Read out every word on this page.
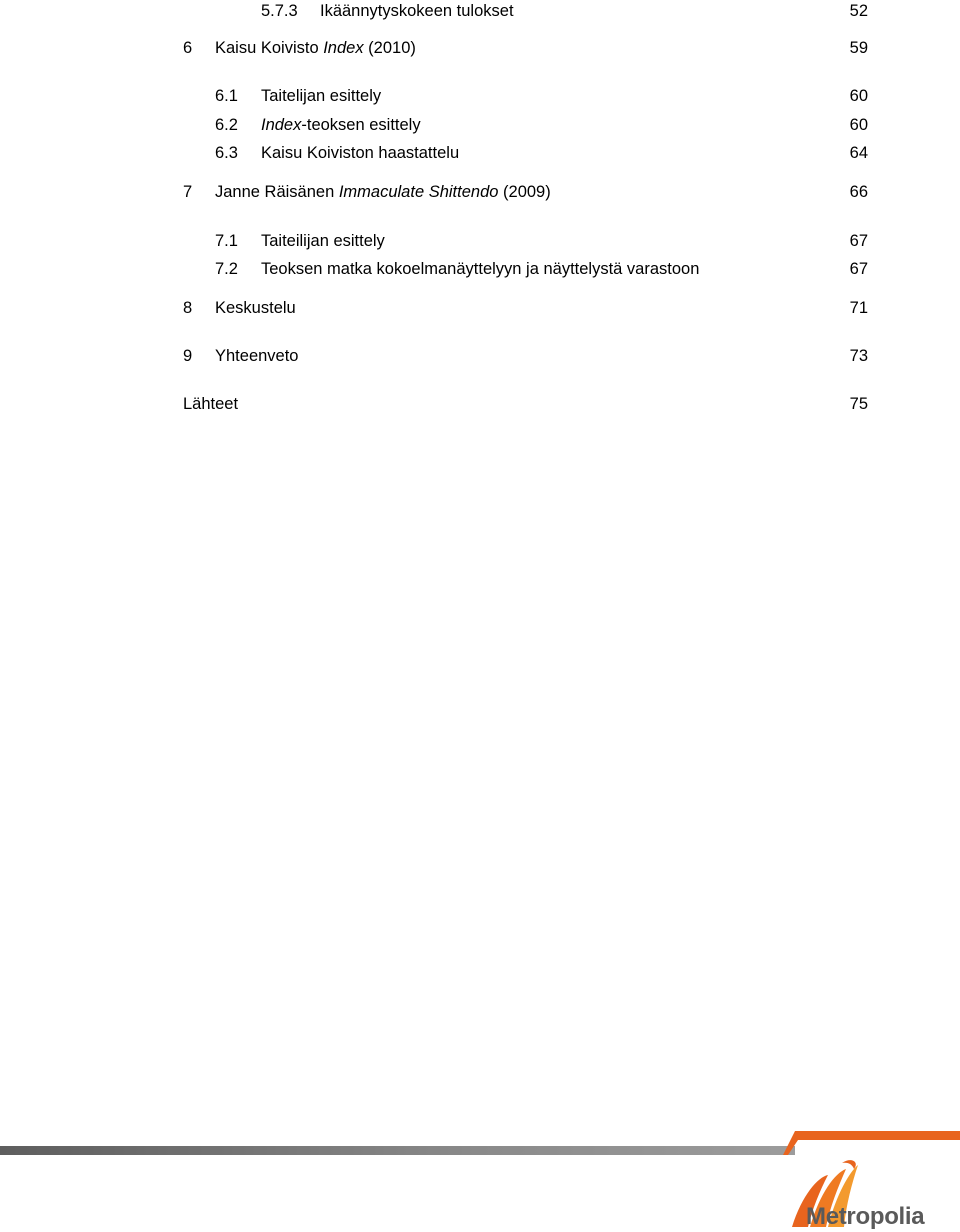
5.7.3 Ikäännytyskokeen tulokset	52
6 Kaisu Koivisto Index (2010)	59
6.1 Taitelijan esittely	60
6.2 Index-teoksen esittely	60
6.3 Kaisu Koiviston haastattelu	64
7 Janne Räisänen Immaculate Shittendo (2009)	66
7.1 Taiteilijan esittely	67
7.2 Teoksen matka kokoelmanäyttelyyn ja näyttelystä varastoon	67
8 Keskustelu	71
9 Yhteenveto	73
Lähteet	75
Metropolia
